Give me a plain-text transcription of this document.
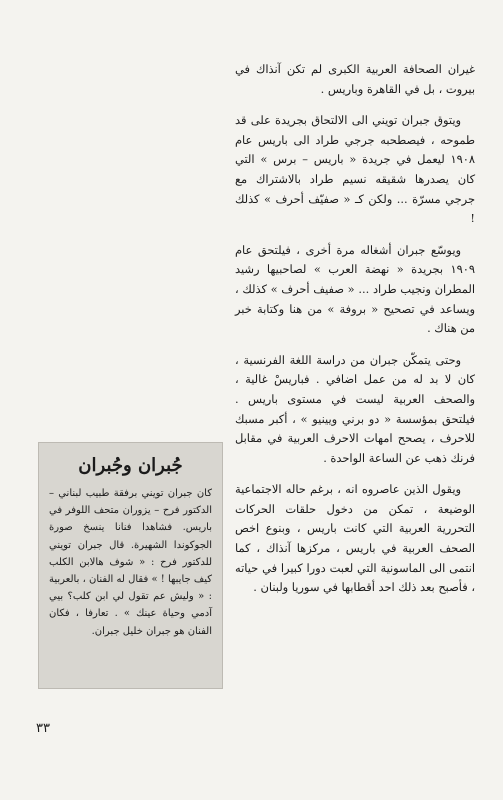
غيران الصحافة العربية الكبرى لم تكن آنذاك في بيروت ، بل في القاهرة وباريس .

ويتوق جبران تويني الى الالتحاق بجريدة على قد طموحه ، فيصطحبه جرجي طراد الى باريس عام ١٩٠٨ ليعمل في جريدة « باريس – برس » التي كان يصدرها شقيقه نسيم طراد بالاشتراك مع جرجي مسرّة ... ولكن كـ « صفيّف أحرف » كذلك !

ويوسّع جبران أشغاله مرة أخرى ، فيلتحق عام ١٩٠٩ بجريدة « نهضة العرب » لصاحبيها رشيد المطران ونجيب طراد ... « صفيف أحرف » كذلك ، ويساعد في تصحيح « بروفة » من هنا وكتابة خبر من هناك .

وحتى يتمكّن جبران من دراسة اللغة الفرنسية ، كان لا بد له من عمل اضافي . فباريسْ غالية ، والصحف العربية ليست في مستوى باريس . فيلتحق بمؤسسة « دو برني ويينيو » ، أكبر مسبك للاحرف ، يصحح امهات الاحرف العربية في مقابل فرنك ذهب عن الساعة الواحدة .

ويقول الذين عاصروه انه ، برغم حاله الاجتماعية الوضيعة ، تمكن من دخول حلقات الحركات التحررية العربية التي كانت باريس ، وبنوع اخص الصحف العربية في باريس ، مركزها آنذاك ، كما انتمى الى الماسونية التي لعبت دورا كبيرا في حياته ، فأصبح بعد ذلك احد أقطابها في سوريا ولبنان .

جُبران وجُبران
كان جبران تويني برفقة طبيب لبناني – الدكتور فرح – يزوران متحف اللوفر في باريس. فشاهدا فنانا ينسخ صورة الجوكوندا الشهيرة. قال جبران تويني للدكتور فرح : « شوف هالابن الكلب كيف جايبها ! » فقال له الفنان ، بالعربية : « وليش عم تقول لي ابن كلب؟ بيي آدمي وحياة عينك » . تعارفا ، فكان الفنان هو جبران خليل جبران.
٣٣
